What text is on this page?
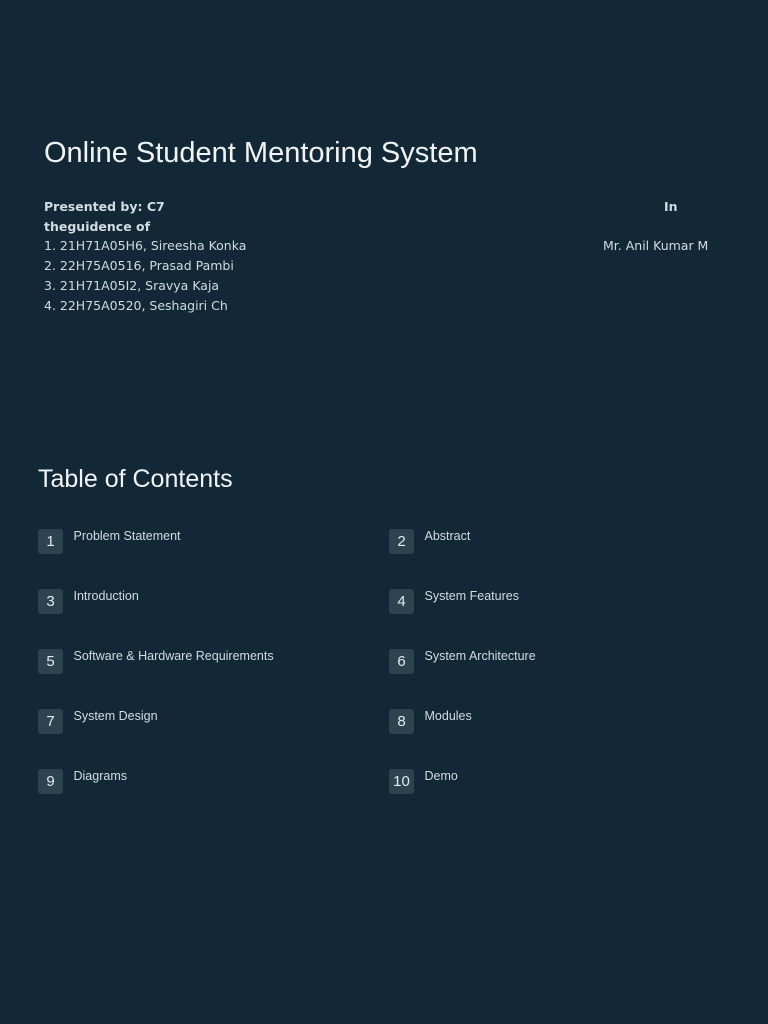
Online Student Mentoring System
Presented by: C7
theguidence of
1. 21H71A05H6, Sireesha Konka
2. 22H75A0516, Prasad Pambi
3. 21H71A05I2, Sravya Kaja
4. 22H75A0520, Seshagiri Ch
In
Mr. Anil Kumar M
Table of Contents
1	Problem Statement	2	Abstract
3	Introduction	4	System Features
5	Software & Hardware Requirements	6	System Architecture
7	System Design	8	Modules
9	Diagrams	10	Demo
